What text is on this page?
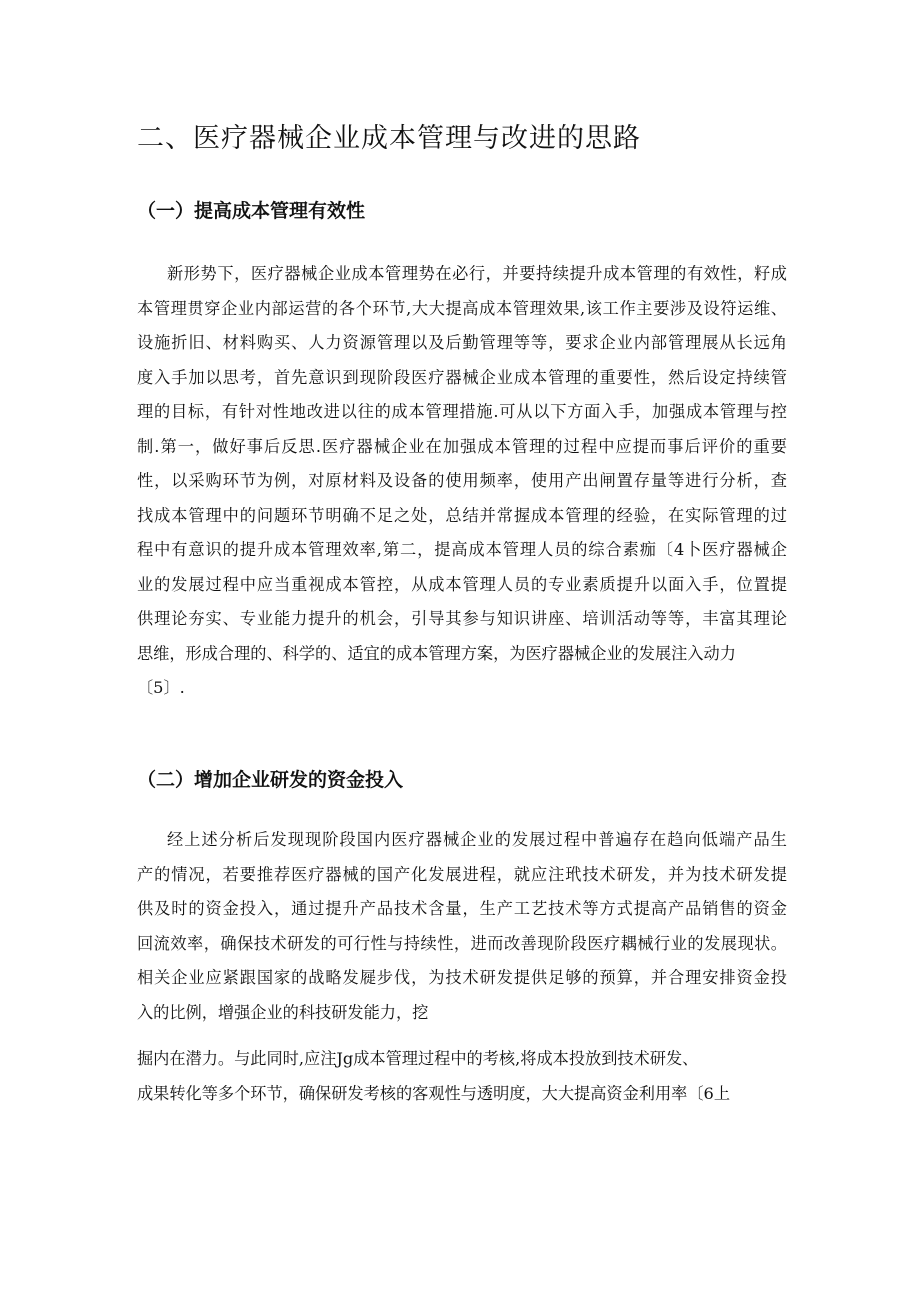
二、医疗器械企业成本管理与改进的思路
（一）提高成本管理有效性
新形势下，医疗器械企业成本管理势在必行，并要持续提升成本管理的有效性，籽成
本管理贯穿企业内部运营的各个环节,大大提高成本管理效果,该工作主要涉及设符运维、
设施折旧、材料购买、人力资源管理以及后勤管理等等，要求企业内部管理展从长远角
度入手加以思考，首先意识到现阶段医疗器械企业成本管理的重要性，然后设定持续管
理的目标，有针对性地改进以往的成本管理措施.可从以下方面入手，加强成本管理与控
制.第一，做好事后反思.医疗器械企业在加强成本管理的过程中应提而事后评价的重要
性，以采购环节为例，对原材料及设备的使用频率，使用产出闸置存量等进行分析，查
找成本管理中的问题环节明确不足之处，总结并常握成本管理的经验，在实际管理的过
程中有意识的提升成本管理效率,第二，提高成本管理人员的综合素痂〔4卜医疗器械企
业的发展过程中应当重视成本管控，从成本管理人员的专业素质提升以面入手，位置提
供理论夯实、专业能力提升的机会，引导其参与知识讲座、培训活动等等，丰富其理论
思维，形成合理的、科学的、适宜的成本管理方案，为医疗器械企业的发展注入动力
〔5〕.
（二）增加企业研发的资金投入
经上述分析后发现现阶段国内医疗器械企业的发展过程中普遍存在趋向低端产品生
产的情况，若要推荐医疗器械的国产化发展进程，就应注玳技术研发，并为技术研发提
供及时的资金投入，通过提升产品技术含量，生产工艺技术等方式提高产品销售的资金
回流效率，确保技术研发的可行性与持续性，进而改善现阶段医疗耦械行业的发展现状。
相关企业应紧跟国家的战略发屣步伐，为技术研发提供足够的预算，并合理安排资金投
入的比例，增强企业的科技研发能力，挖
掘内在潜力。与此同时,应注Jg成本管理过程中的考核,将成本投放到技术研发、
成果转化等多个环节，确保研发考核的客观性与透明度，大大提高资金利用率〔6上
